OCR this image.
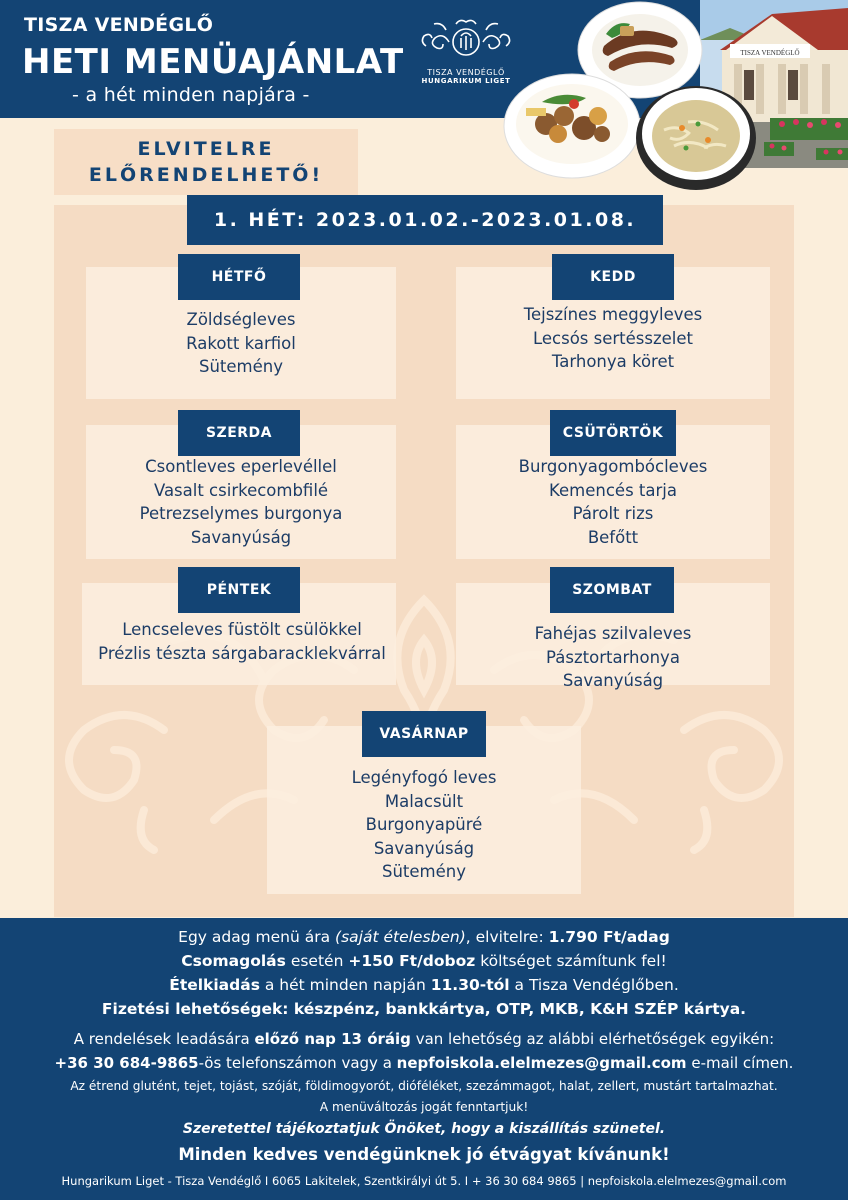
TISZA VENDÉGLŐ
HETI MENÜAJÁNLAT
- a hét minden napjára -
TISZA VENDÉGLŐ
HUNGARIKUM LIGET
TISZA VENDÉGLŐ
ELVITELRE
ELŐRENDELHETŐ!
1. HÉT: 2023.01.02.-2023.01.08.
HÉTFŐ
Zöldségleves
Rakott karfiol
Sütemény
KEDD
Tejszínes meggyleves
Lecsós sertésszelet
Tarhonya köret
SZERDA
Csontleves eperlevéllel
Vasalt csirkecombfilé
Petrezselymes burgonya
Savanyúság
CSÜTÖRTÖK
Burgonyagombócleves
Kemencés tarja
Párolt rizs
Befőtt
PÉNTEK
Lencseleves füstölt csülökkel
Prézlis tészta sárgabaracklekvárral
SZOMBAT
Fahéjas szilvaleves
Pásztortarhonya
Savanyúság
VASÁRNAP
Legényfogó leves
Malacsült
Burgonyapüré
Savanyúság
Sütemény
Egy adag menü ára (saját ételesben), elvitelre: 1.790 Ft/adag
Csomagolás esetén +150 Ft/doboz költséget számítunk fel!
Ételkiadás a hét minden napján 11.30-tól a Tisza Vendéglőben.
Fizetési lehetőségek: készpénz, bankkártya, OTP, MKB, K&H SZÉP kártya.
A rendelések leadására előző nap 13 óráig van lehetőség az alábbi elérhetőségek egyikén:
+36 30 684-9865-ös telefonszámon vagy a nepfoiskola.elelmezes@gmail.com e-mail címen.
Az étrend glutént, tejet, tojást, szóját, földimogyorót, dióféléket, szezámmagot, halat, zellert, mustárt tartalmazhat.
A menüváltozás jogát fenntartjuk!
Szeretettel tájékoztatjuk Önöket, hogy a kiszállítás szünetel.
Minden kedves vendégünknek jó étvágyat kívánunk!
Hungarikum Liget - Tisza Vendéglő I 6065 Lakitelek, Szentkirályi út 5. I + 36 30 684 9865 | nepfoiskola.elelmezes@gmail.com
